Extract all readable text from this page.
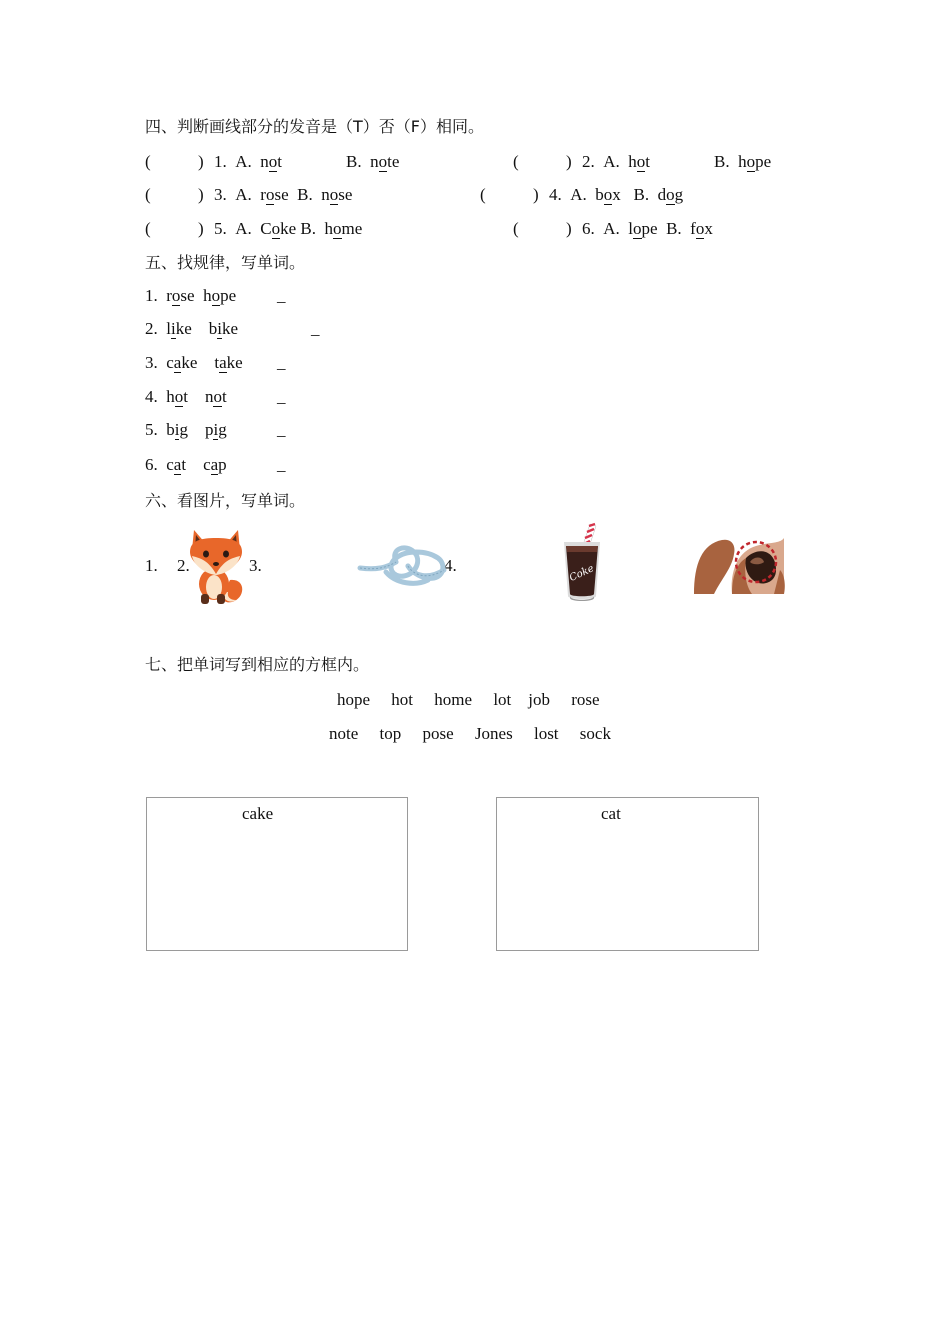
四、判断画线部分的发音是（T）否（F）相同。
(	) 1. A. not	B. note	(	) 2. A. hot	B. hope
(	) 3. A. rose B. nose	(	) 4. A. box B. dog
(	) 5. A. Coke B. home	(	) 6. A. lope B. fox
五、找规律，写单词。
1. rose hope _
2. like bike	_
3. cake take _
4. hot not	_
5. big pig	_
6. cat cap	_
六、看图片，写单词。
1. 2.	3.	4.	Coke
七、把单词写到相应的方框内。
hope hot home lot job rose
note top pose Jones lost sock
cake	cat
